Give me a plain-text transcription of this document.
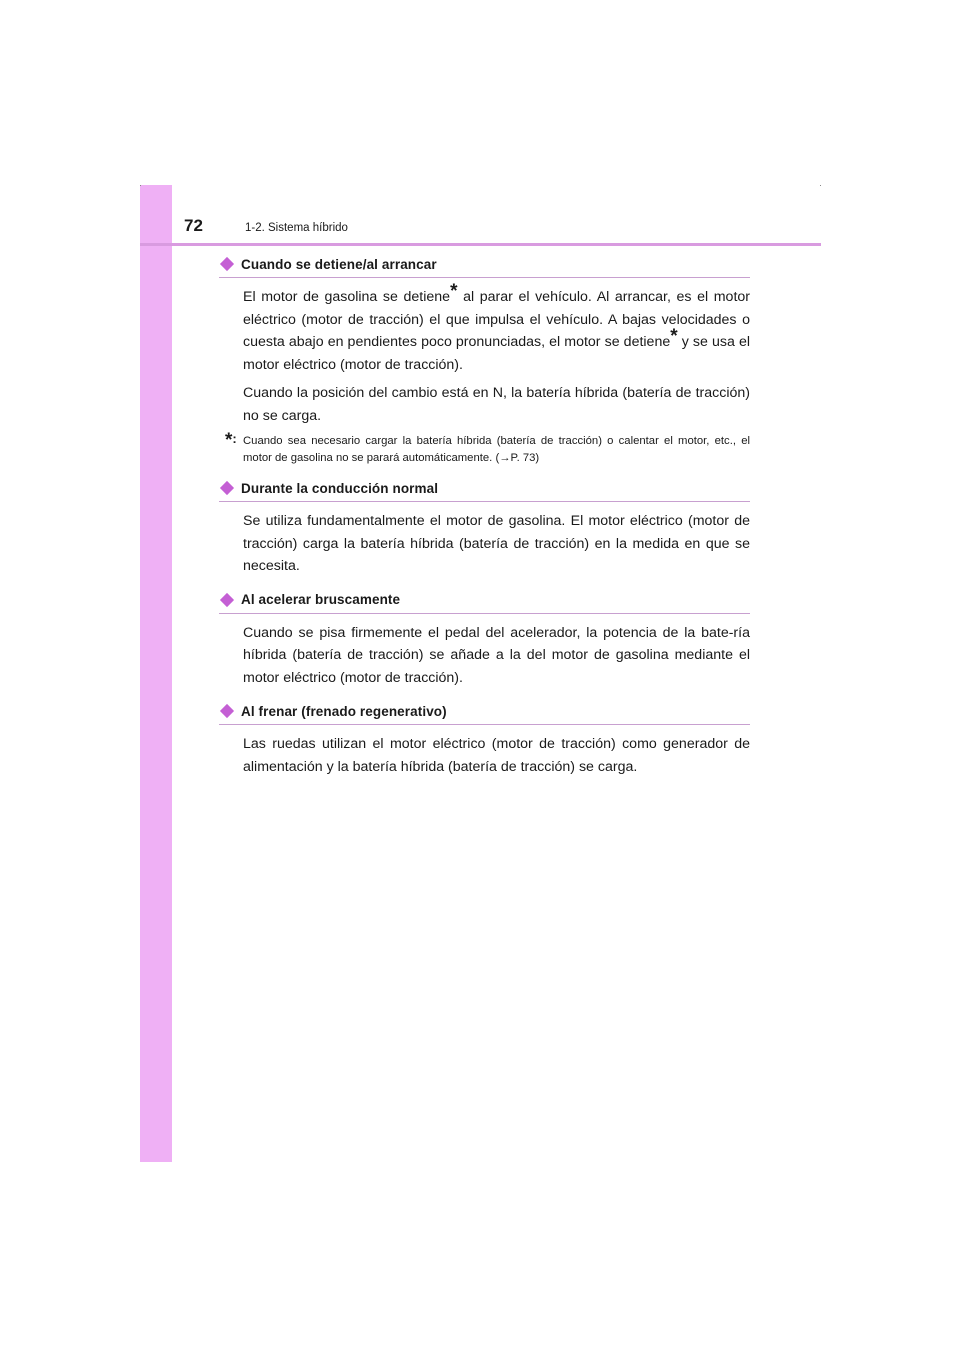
72	1-2. Sistema híbrido
Cuando se detiene/al arrancar

El motor de gasolina se detiene* al parar el vehículo. Al arrancar, es el motor eléctrico (motor de tracción) el que impulsa el vehículo. A bajas velocidades o cuesta abajo en pendientes poco pronunciadas, el motor se detiene* y se usa el motor eléctrico (motor de tracción).

Cuando la posición del cambio está en N, la batería híbrida (batería de tracción) no se carga.

*: Cuando sea necesario cargar la batería híbrida (batería de tracción) o calentar el motor, etc., el motor de gasolina no se parará automáticamente. (→P. 73)
Durante la conducción normal

Se utiliza fundamentalmente el motor de gasolina. El motor eléctrico (motor de tracción) carga la batería híbrida (batería de tracción) en la medida en que se necesita.

Al acelerar bruscamente

Cuando se pisa firmemente el pedal del acelerador, la potencia de la bate-ría híbrida (batería de tracción) se añade a la del motor de gasolina mediante el motor eléctrico (motor de tracción).

Al frenar (frenado regenerativo)

Las ruedas utilizan el motor eléctrico (motor de tracción) como generador de alimentación y la batería híbrida (batería de tracción) se carga.
